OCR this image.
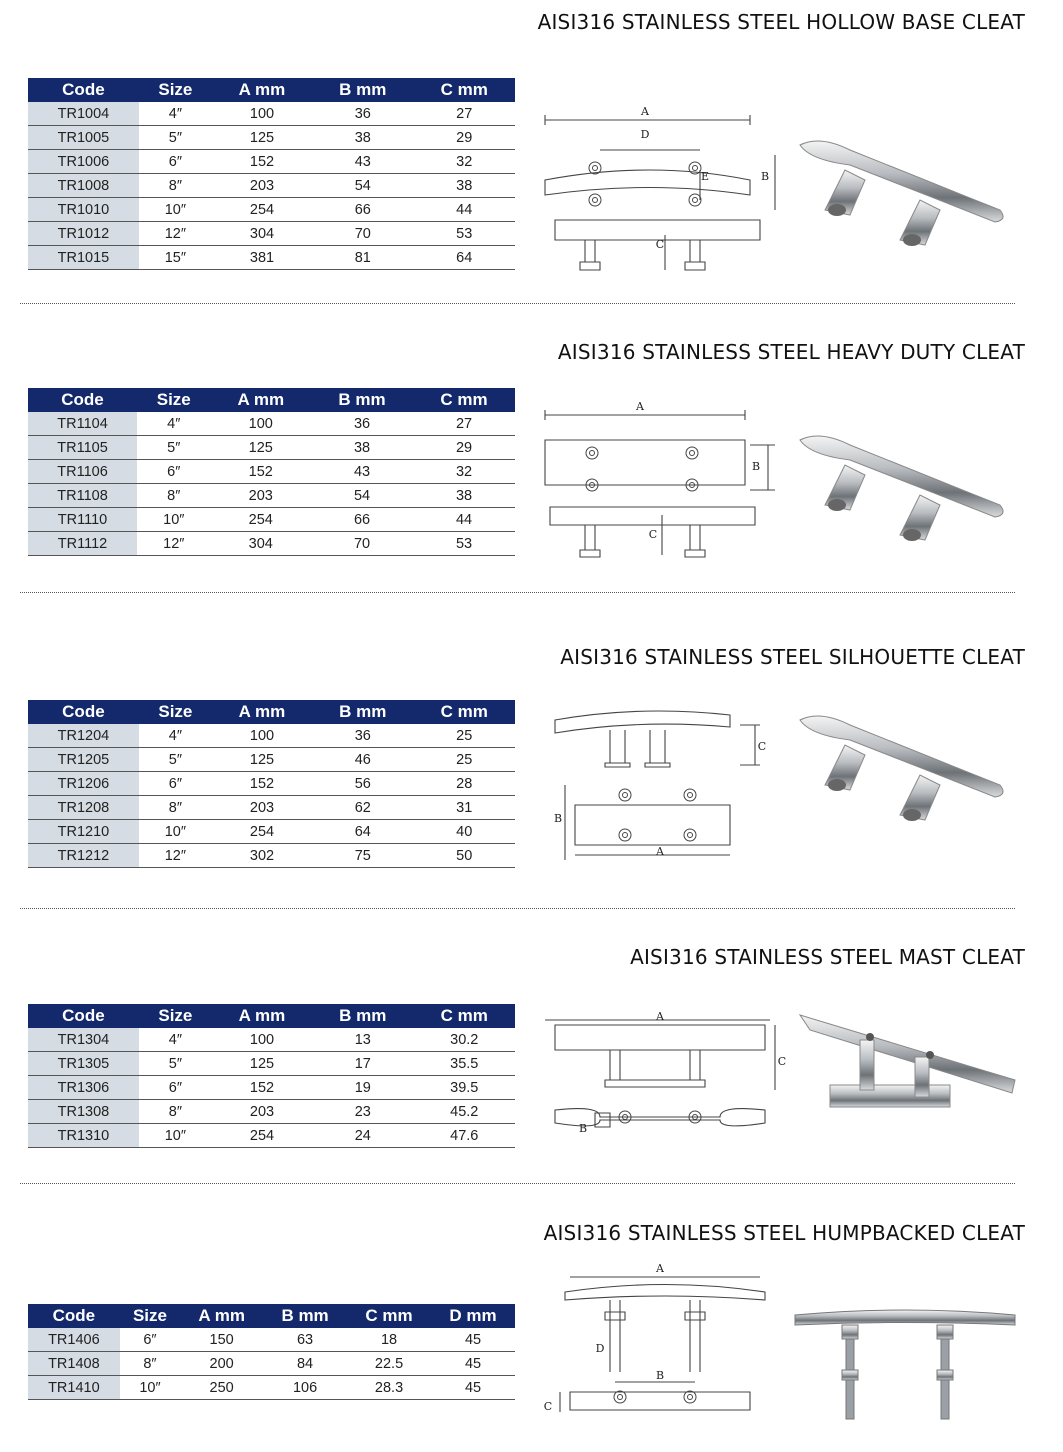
AISI316 STAINLESS STEEL HOLLOW BASE CLEAT
Code	Size	A mm	B mm	C mm
TR1004	4″	100	36	27
TR1005	5″	125	38	29
TR1006	6″	152	43	32
TR1008	8″	203	54	38
TR1010	10″	254	66	44
TR1012	12″	304	70	53
TR1015	15″	381	81	64
A
D
E	B
C
AISI316 STAINLESS STEEL HEAVY DUTY CLEAT
Code	Size	A mm	B mm	C mm
TR1104	4″	100	36	27
TR1105	5″	125	38	29
TR1106	6″	152	43	32
TR1108	8″	203	54	38
TR1110	10″	254	66	44
TR1112	12″	304	70	53
A
B
C
AISI316 STAINLESS STEEL SILHOUETTE CLEAT
Code	Size	A mm	B mm	C mm
TR1204	4″	100	36	25
TR1205	5″	125	46	25
TR1206	6″	152	56	28
TR1208	8″	203	62	31
TR1210	10″	254	64	40
TR1212	12″	302	75	50
C
B
A
AISI316 STAINLESS STEEL MAST CLEAT
Code	Size	A mm	B mm	C mm
TR1304	4″	100	13	30.2
TR1305	5″	125	17	35.5
TR1306	6″	152	19	39.5
TR1308	8″	203	23	45.2
TR1310	10″	254	24	47.6
A
C
B
AISI316 STAINLESS STEEL HUMPBACKED CLEAT
Code	Size	A mm	B mm	C mm	D mm
TR1406	6″	150	63	18	45
TR1408	8″	200	84	22.5	45
TR1410	10″	250	106	28.3	45
A
D
B
C
